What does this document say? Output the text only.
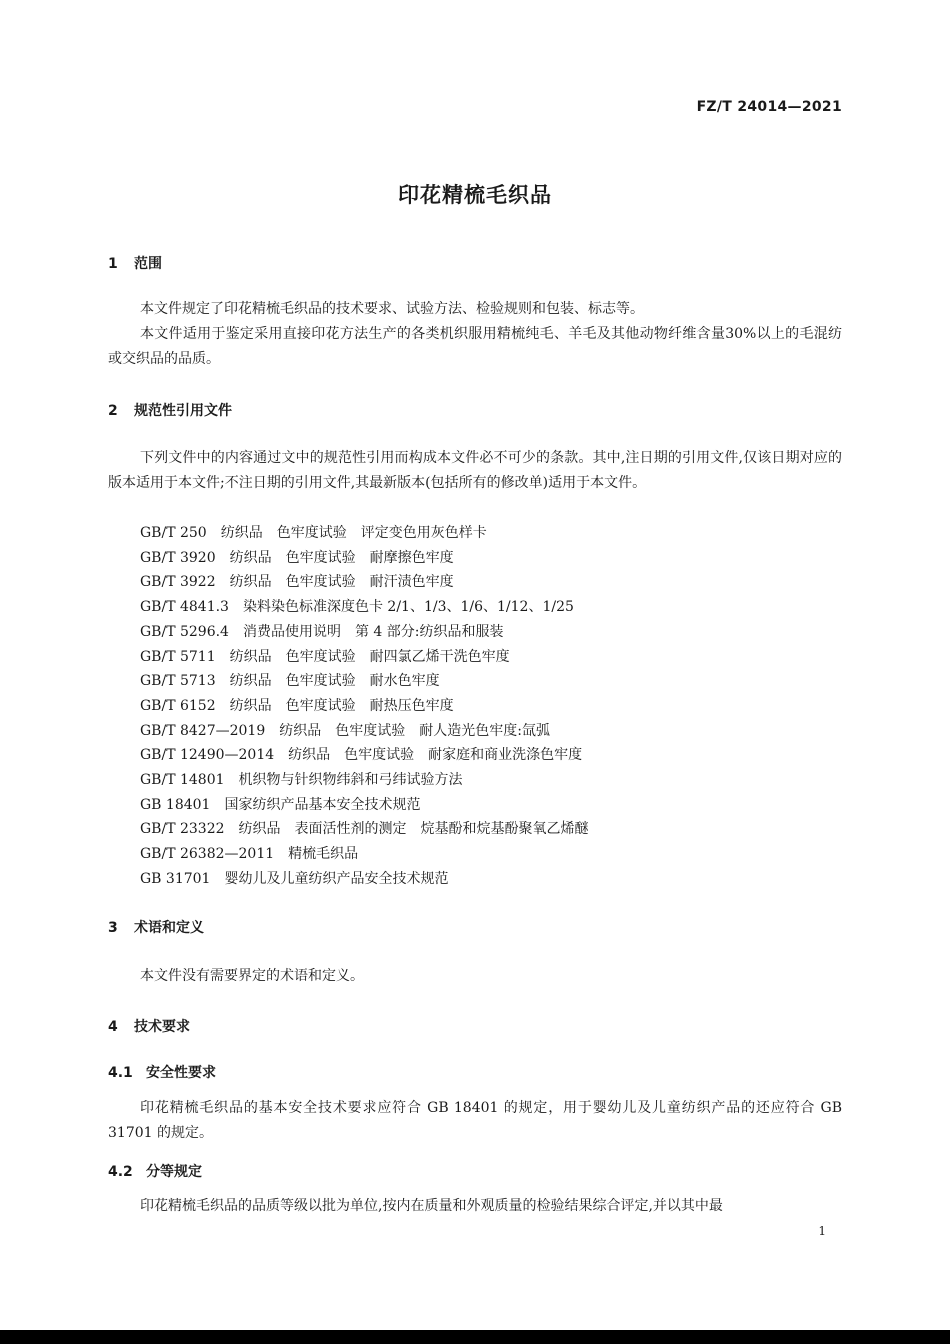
FZ/T 24014—2021
印花精梳毛织品
1 范围
本文件规定了印花精梳毛织品的技术要求、试验方法、检验规则和包装、标志等。
本文件适用于鉴定采用直接印花方法生产的各类机织服用精梳纯毛、羊毛及其他动物纤维含量30%以上的毛混纺或交织品的品质。
2 规范性引用文件
下列文件中的内容通过文中的规范性引用而构成本文件必不可少的条款。其中,注日期的引用文件,仅该日期对应的版本适用于本文件;不注日期的引用文件,其最新版本(包括所有的修改单)适用于本文件。
GB/T 250　纺织品　色牢度试验　评定变色用灰色样卡
GB/T 3920　纺织品　色牢度试验　耐摩擦色牢度
GB/T 3922　纺织品　色牢度试验　耐汗渍色牢度
GB/T 4841.3　染料染色标准深度色卡 2/1、1/3、1/6、1/12、1/25
GB/T 5296.4　消费品使用说明　第 4 部分:纺织品和服装
GB/T 5711　纺织品　色牢度试验　耐四氯乙烯干洗色牢度
GB/T 5713　纺织品　色牢度试验　耐水色牢度
GB/T 6152　纺织品　色牢度试验　耐热压色牢度
GB/T 8427—2019　纺织品　色牢度试验　耐人造光色牢度:氙弧
GB/T 12490—2014　纺织品　色牢度试验　耐家庭和商业洗涤色牢度
GB/T 14801　机织物与针织物纬斜和弓纬试验方法
GB 18401　国家纺织产品基本安全技术规范
GB/T 23322　纺织品　表面活性剂的测定　烷基酚和烷基酚聚氧乙烯醚
GB/T 26382—2011　精梳毛织品
GB 31701　婴幼儿及儿童纺织产品安全技术规范
3 术语和定义
本文件没有需要界定的术语和定义。
4 技术要求
4.1 安全性要求
印花精梳毛织品的基本安全技术要求应符合 GB 18401 的规定，用于婴幼儿及儿童纺织产品的还应符合 GB 31701 的规定。
4.2 分等规定
印花精梳毛织品的品质等级以批为单位,按内在质量和外观质量的检验结果综合评定,并以其中最
1
